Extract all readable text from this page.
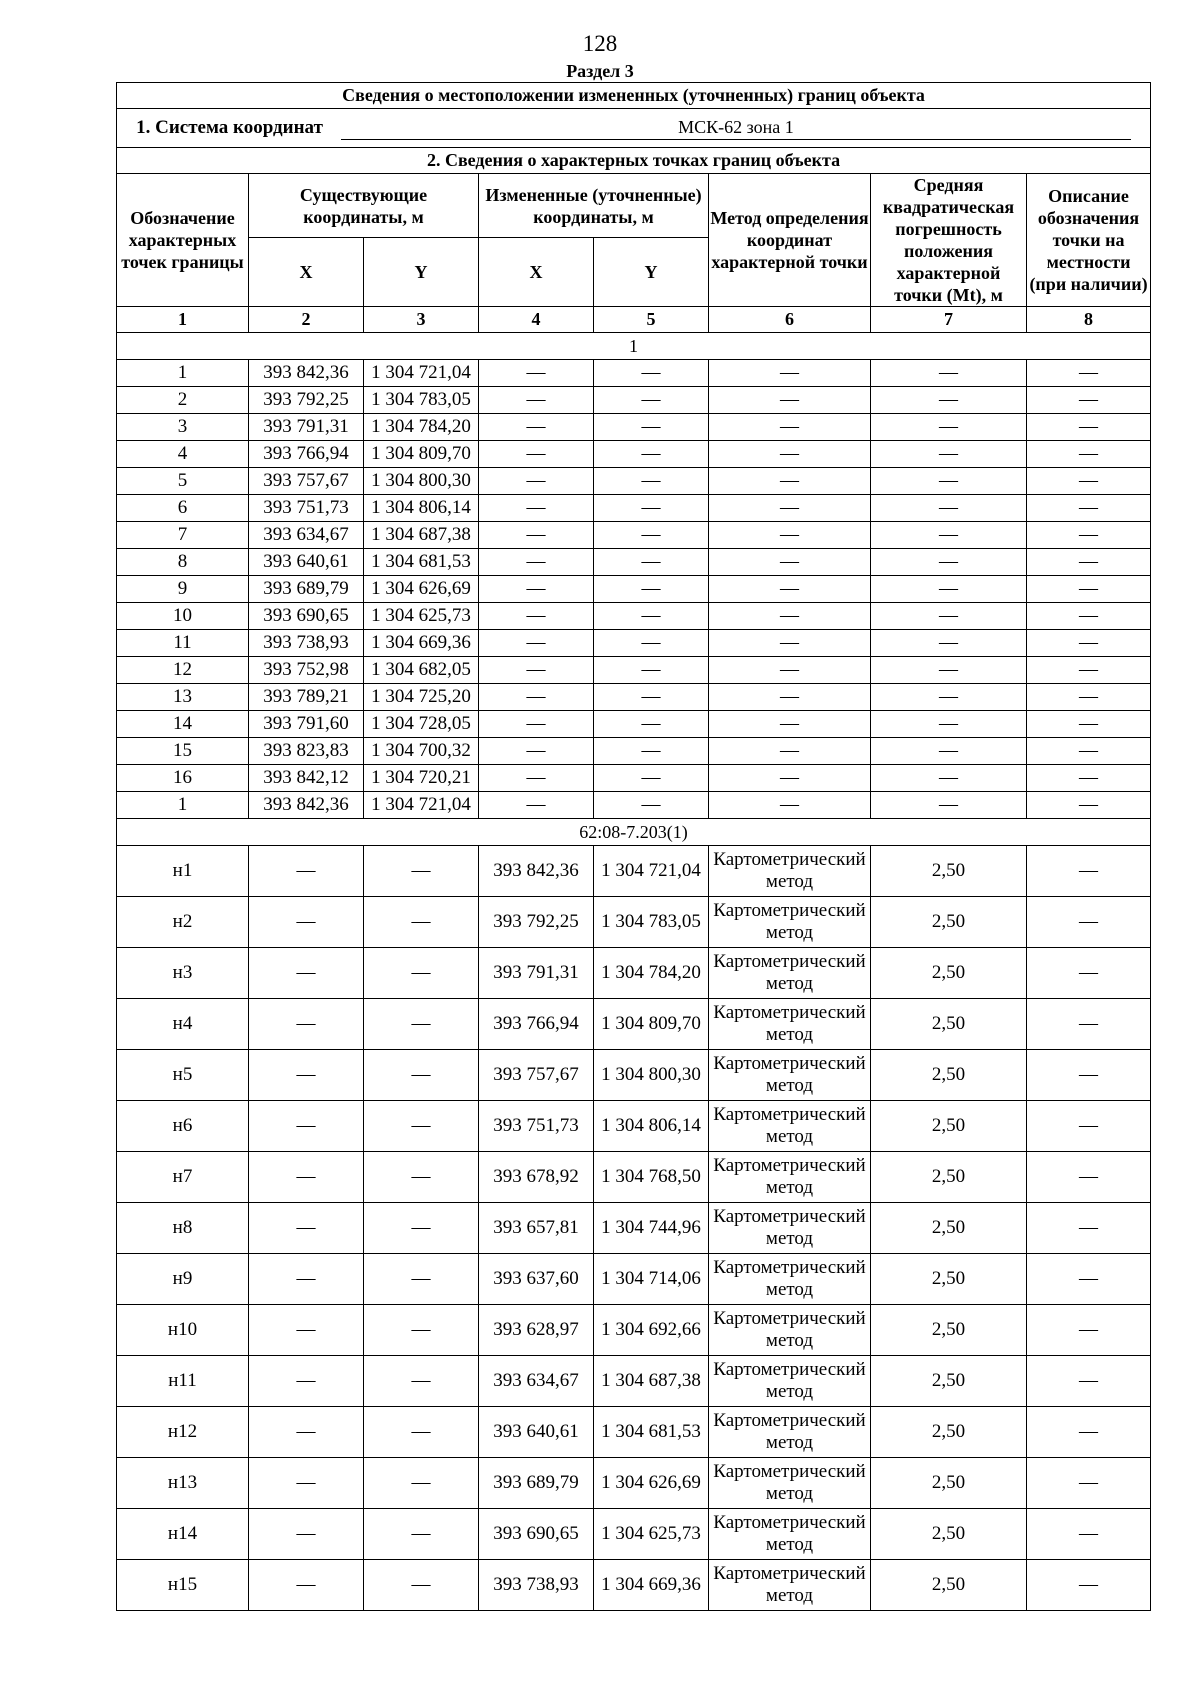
128
Раздел 3
Сведения о местоположении измененных (уточненных) границ объекта							
1. Система координат МСК-62 зона 1							
2. Сведения о характерных точках границ объекта							
Обозначение характерных точек границы	Существующие координаты, м		Измененные (уточненные) координаты, м		Метод определения координат характерной точки	Средняя квадратическая погрешность положения характерной точки (Mt), м	Описание обозначения точки на местности (при наличии)
	X	Y	X	Y			
1	2	3	4	5	6	7	8
1							
1	393 842,36	1 304 721,04	—	—	—	—	—
2	393 792,25	1 304 783,05	—	—	—	—	—
3	393 791,31	1 304 784,20	—	—	—	—	—
4	393 766,94	1 304 809,70	—	—	—	—	—
5	393 757,67	1 304 800,30	—	—	—	—	—
6	393 751,73	1 304 806,14	—	—	—	—	—
7	393 634,67	1 304 687,38	—	—	—	—	—
8	393 640,61	1 304 681,53	—	—	—	—	—
9	393 689,79	1 304 626,69	—	—	—	—	—
10	393 690,65	1 304 625,73	—	—	—	—	—
11	393 738,93	1 304 669,36	—	—	—	—	—
12	393 752,98	1 304 682,05	—	—	—	—	—
13	393 789,21	1 304 725,20	—	—	—	—	—
14	393 791,60	1 304 728,05	—	—	—	—	—
15	393 823,83	1 304 700,32	—	—	—	—	—
16	393 842,12	1 304 720,21	—	—	—	—	—
1	393 842,36	1 304 721,04	—	—	—	—	—
62:08-7.203(1)							
н1	—	—	393 842,36	1 304 721,04	Картометрический метод	2,50	—
н2	—	—	393 792,25	1 304 783,05	Картометрический метод	2,50	—
н3	—	—	393 791,31	1 304 784,20	Картометрический метод	2,50	—
н4	—	—	393 766,94	1 304 809,70	Картометрический метод	2,50	—
н5	—	—	393 757,67	1 304 800,30	Картометрический метод	2,50	—
н6	—	—	393 751,73	1 304 806,14	Картометрический метод	2,50	—
н7	—	—	393 678,92	1 304 768,50	Картометрический метод	2,50	—
н8	—	—	393 657,81	1 304 744,96	Картометрический метод	2,50	—
н9	—	—	393 637,60	1 304 714,06	Картометрический метод	2,50	—
н10	—	—	393 628,97	1 304 692,66	Картометрический метод	2,50	—
н11	—	—	393 634,67	1 304 687,38	Картометрический метод	2,50	—
н12	—	—	393 640,61	1 304 681,53	Картометрический метод	2,50	—
н13	—	—	393 689,79	1 304 626,69	Картометрический метод	2,50	—
н14	—	—	393 690,65	1 304 625,73	Картометрический метод	2,50	—
н15	—	—	393 738,93	1 304 669,36	Картометрический метод	2,50	—
